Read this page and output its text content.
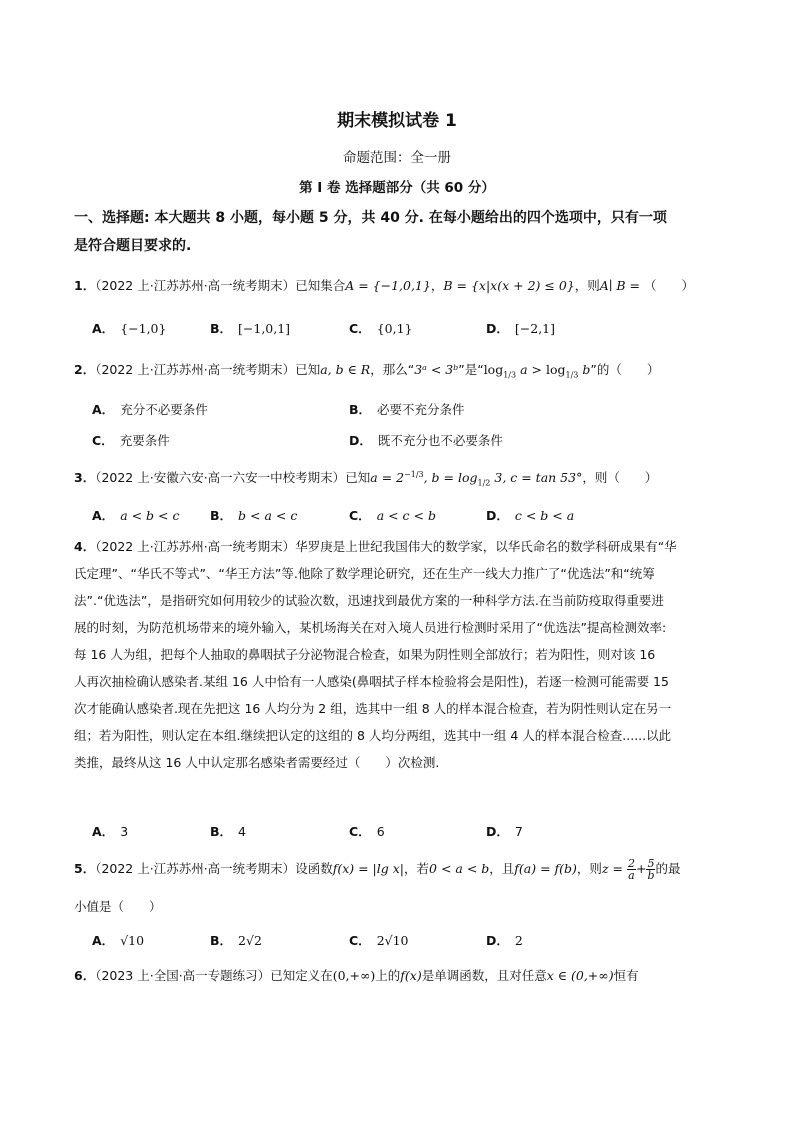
期末模拟试卷 1
命题范围：全一册
第 I 卷 选择题部分（共 60 分）
一、选择题: 本大题共 8 小题，每小题 5 分，共 40 分. 在每小题给出的四个选项中，只有一项
是符合题目要求的.
1．（2022 上·江苏苏州·高一统考期末）已知集合A = {−1,0,1}，B = {x|x(x + 2) ≤ 0}，则A∣ B = （　　）
A． {−1,0}	B． [−1,0,1]	C． {0,1}	D． [−2,1]
2．（2022 上·江苏苏州·高一统考期末）已知a, b ∈ R，那么“3ᵃ < 3ᵇ”是“$\log_{1/3}$ $a > \log_{1/3} b$”的（　　）
A． 充分不必要条件	B． 必要不充分条件
C． 充要条件	D． 既不充分也不必要条件
3．（2022 上·安徽六安·高一六安一中校考期末）已知$a = 2^{-1/3}$, $b = \log_{1/2} 3$, c = tan 53°，则（　　）
A． a < b < c B． b < a < c	C． a < c < b	D． c < b < a
4．（2022 上·江苏苏州·高一统考期末）华罗庚是上世纪我国伟大的数学家，以华氏命名的数学科研成果有“华
氏定理”、“华氏不等式”、“华王方法”等.他除了数学理论研究，还在生产一线大力推广了“优选法”和“统筹
法”.“优选法”，是指研究如何用较少的试验次数，迅速找到最优方案的一种科学方法.在当前防疫取得重要进
展的时刻，为防范机场带来的境外输入，某机场海关在对入境人员进行检测时采用了“优选法”提高检测效率:
每 16 人为组，把每个人抽取的鼻咽拭子分泌物混合检查，如果为阴性则全部放行；若为阳性，则对该 16
人再次抽检确认感染者.某组 16 人中恰有一人感染(鼻咽拭子样本检验将会是阳性)，若逐一检测可能需要 15
次才能确认感染者.现在先把这 16 人均分为 2 组，选其中一组 8 人的样本混合检查，若为阴性则认定在另一
组；若为阳性，则认定在本组.继续把认定的这组的 8 人均分两组，选其中一组 4 人的样本混合检查......以此
类推，最终从这 16 人中认定那名感染者需要经过（　　）次检测.
A． 3	B． 4	C． 6	D． 7
5．（2022 上·江苏苏州·高一统考期末）设函数f(x) = |lg x|，若0 < a < b，且f(a) = f(b)，则$z = \frac{2}{a} + \frac{5}{b}$ 的最
小值是（　　）
A． √10	B． 2√2	C． 2√10	D． 2
6．（2023 上·全国·高一专题练习）已知定义在(0,+∞)上的f(x)是单调函数，且对任意x ∈ (0,+∞)恒有
